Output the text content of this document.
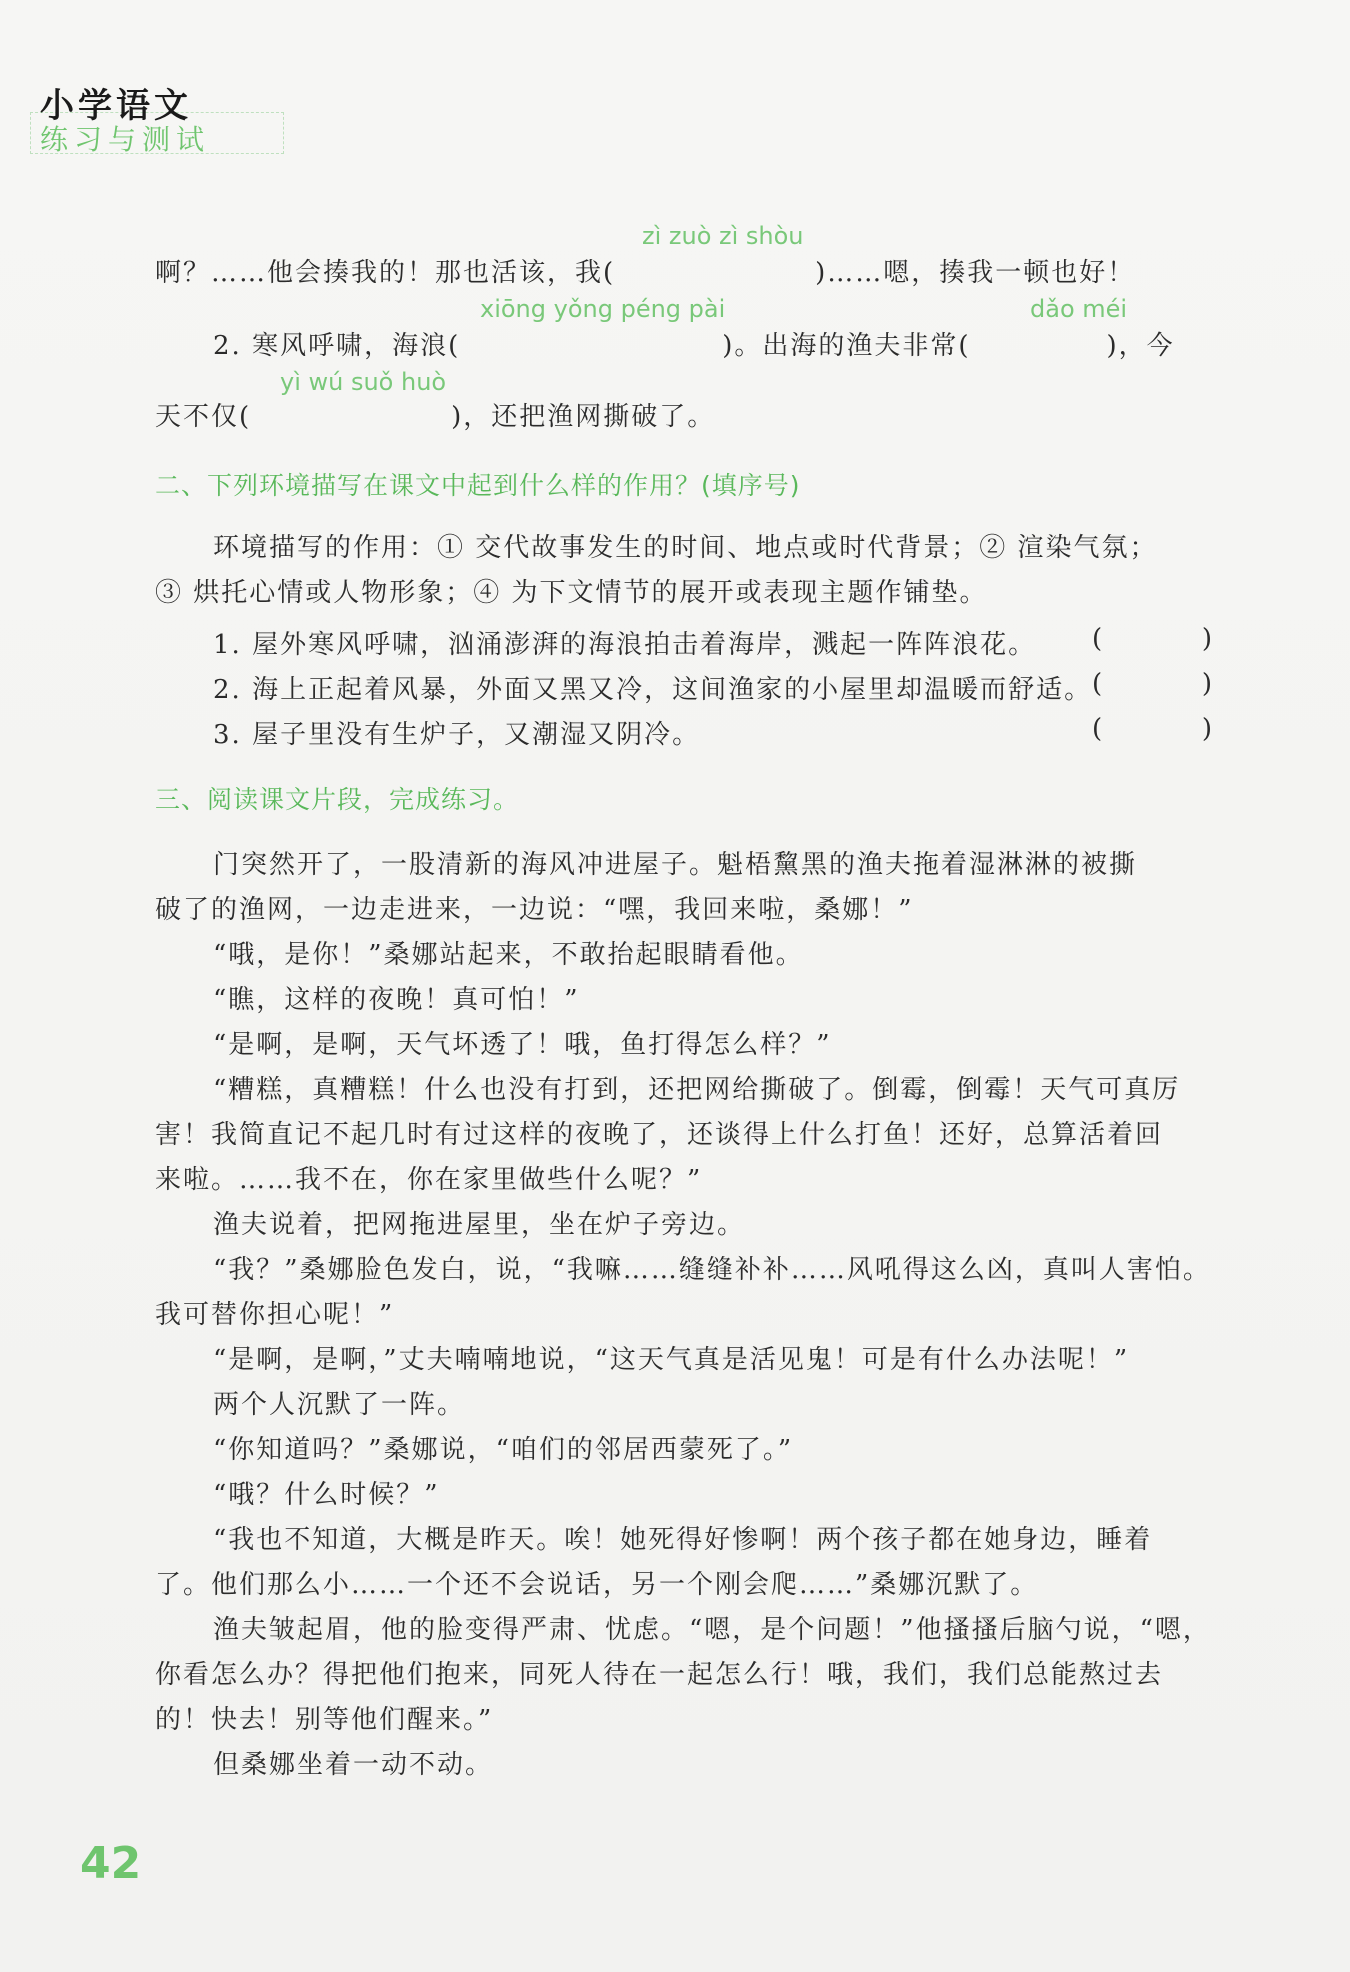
小学语文
练习与测试
zì zuò zì shòu
啊？……他会揍我的！那也活该，我(	)……嗯，揍我一顿也好！
xiōng yǒng péng pài	dǎo méi
2. 寒风呼啸，海浪(	)。出海的渔夫非常(	)，今
yì wú suǒ huò
天不仅(	)，还把渔网撕破了。
二、下列环境描写在课文中起到什么样的作用？(填序号)
环境描写的作用：① 交代故事发生的时间、地点或时代背景；② 渲染气氛；
③ 烘托心情或人物形象；④ 为下文情节的展开或表现主题作铺垫。
1. 屋外寒风呼啸，汹涌澎湃的海浪拍击着海岸，溅起一阵阵浪花。 (	)
2. 海上正起着风暴，外面又黑又冷，这间渔家的小屋里却温暖而舒适。 (	)
3. 屋子里没有生炉子，又潮湿又阴冷。	(	)
三、阅读课文片段，完成练习。
门突然开了，一股清新的海风冲进屋子。魁梧黧黑的渔夫拖着湿淋淋的被撕
破了的渔网，一边走进来，一边说：“嘿，我回来啦，桑娜！”
“哦，是你！”桑娜站起来，不敢抬起眼睛看他。
“瞧，这样的夜晚！真可怕！”
“是啊，是啊，天气坏透了！哦，鱼打得怎么样？”
“糟糕，真糟糕！什么也没有打到，还把网给撕破了。倒霉，倒霉！天气可真厉
害！我简直记不起几时有过这样的夜晚了，还谈得上什么打鱼！还好，总算活着回
来啦。……我不在，你在家里做些什么呢？”
渔夫说着，把网拖进屋里，坐在炉子旁边。
“我？”桑娜脸色发白，说，“我嘛……缝缝补补……风吼得这么凶，真叫人害怕。
我可替你担心呢！”
“是啊，是啊，”丈夫喃喃地说，“这天气真是活见鬼！可是有什么办法呢！”
两个人沉默了一阵。
“你知道吗？”桑娜说，“咱们的邻居西蒙死了。”
“哦？什么时候？”
“我也不知道，大概是昨天。唉！她死得好惨啊！两个孩子都在她身边，睡着
了。他们那么小……一个还不会说话，另一个刚会爬……”桑娜沉默了。
渔夫皱起眉，他的脸变得严肃、忧虑。“嗯，是个问题！”他搔搔后脑勺说，“嗯，
你看怎么办？得把他们抱来，同死人待在一起怎么行！哦，我们，我们总能熬过去
的！快去！别等他们醒来。”
但桑娜坐着一动不动。
42
